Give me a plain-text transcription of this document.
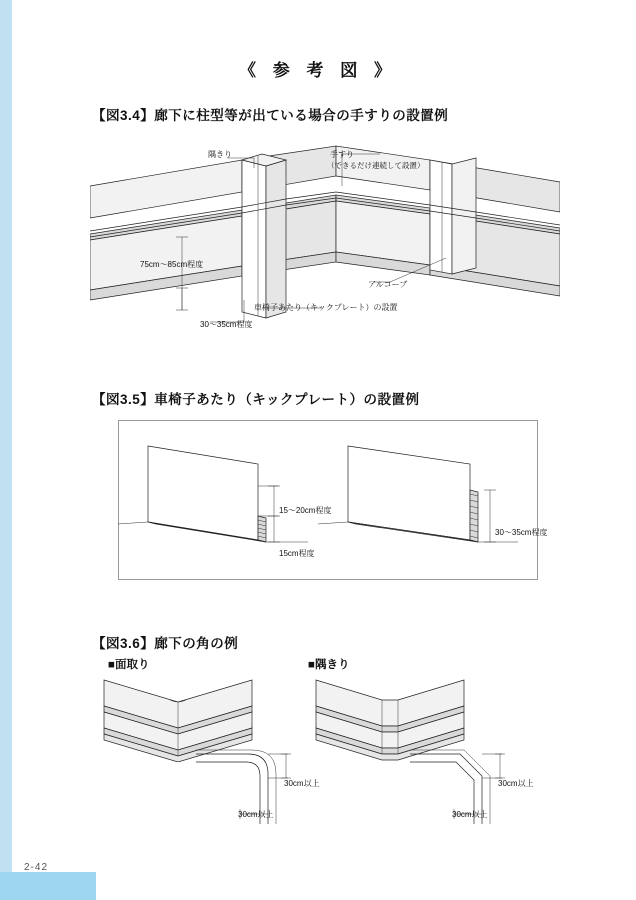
《 参 考 図 》
【図3.4】廊下に柱型等が出ている場合の手すりの設置例
隅きり	手すり
（できるだけ連続して設置）
75cm～85cm程度
アルコーブ
車椅子あたり（キックプレート）の設置
30～35cm程度
【図3.5】車椅子あたり（キックプレート）の設置例
15～20cm程度
15cm程度
30～35cm程度
【図3.6】廊下の角の例
■面取り	■隅きり
30cm以上
30cm以上
30cm以上
30cm以上
2-42
